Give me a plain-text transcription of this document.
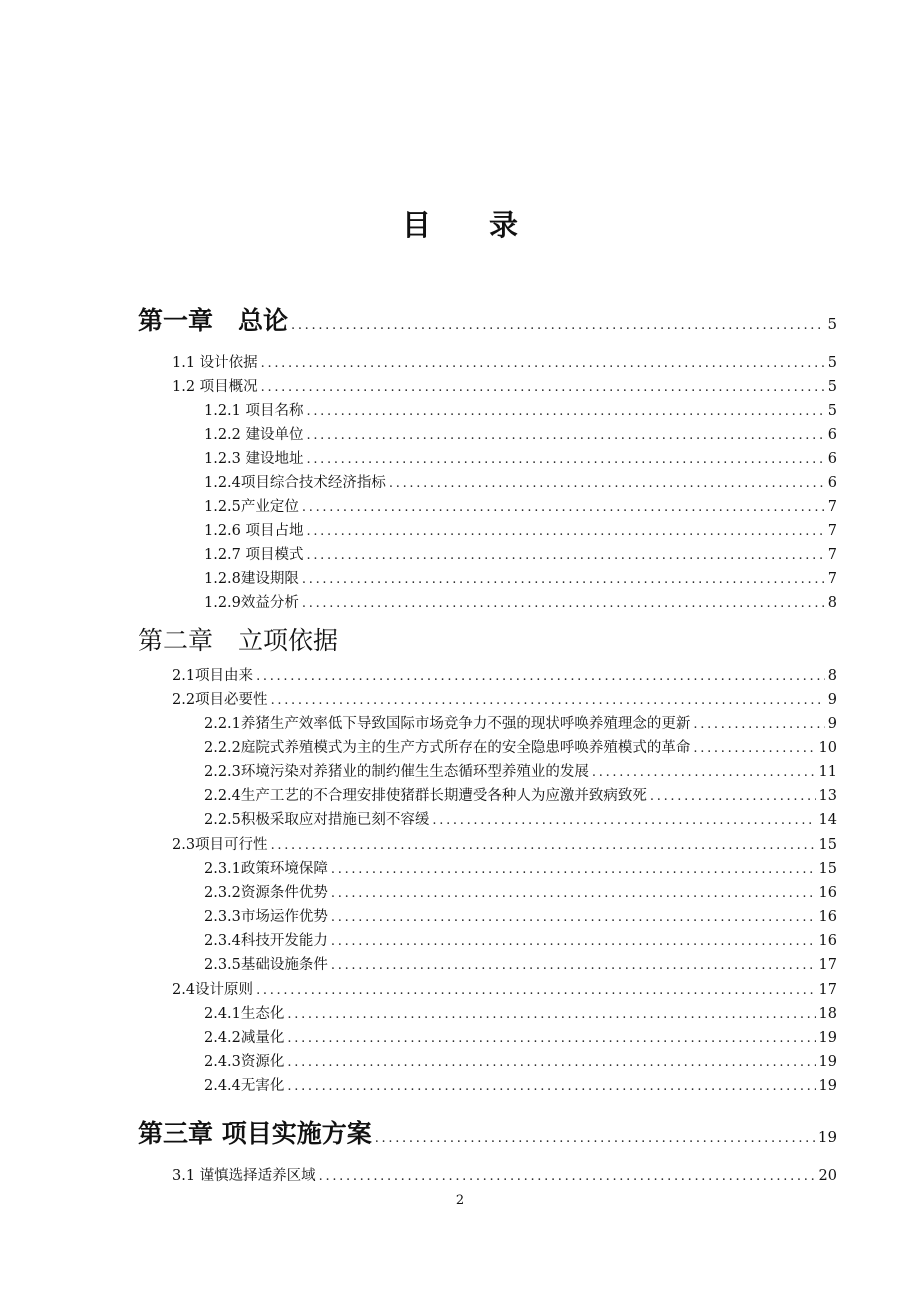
目录
第一章　总论 .....	5
1.1 设计依据 .....	5
1.2 项目概况 .....	5
1.2.1 项目名称 .....	5
1.2.2 建设单位 .....	6
1.2.3 建设地址 .....	6
1.2.4项目综合技术经济指标 .....	6
1.2.5产业定位 .....	7
1.2.6 项目占地 .....	7
1.2.7 项目模式 .....	7
1.2.8建设期限 .....	7
1.2.9效益分析 .....	8
第二章　立项依据
2.1项目由来 .....	8
2.2项目必要性 .....	9
2.2.1养猪生产效率低下导致国际市场竞争力不强的现状呼唤养殖理念的更新 .....	9
2.2.2庭院式养殖模式为主的生产方式所存在的安全隐患呼唤养殖模式的革命 .....	10
2.2.3环境污染对养猪业的制约催生生态循环型养殖业的发展 .....	11
2.2.4生产工艺的不合理安排使猪群长期遭受各种人为应激并致病致死 .....	13
2.2.5积极采取应对措施已刻不容缓 .....	14
2.3项目可行性 .....	15
2.3.1政策环境保障 .....	15
2.3.2资源条件优势 .....	16
2.3.3市场运作优势 .....	16
2.3.4科技开发能力 .....	16
2.3.5基础设施条件 .....	17
2.4设计原则 .....	17
2.4.1生态化 .....	18
2.4.2减量化 .....	19
2.4.3资源化 .....	19
2.4.4无害化 .....	19
第三章 项目实施方案 .....	19
3.1 谨慎选择适养区域 .....	20
2
